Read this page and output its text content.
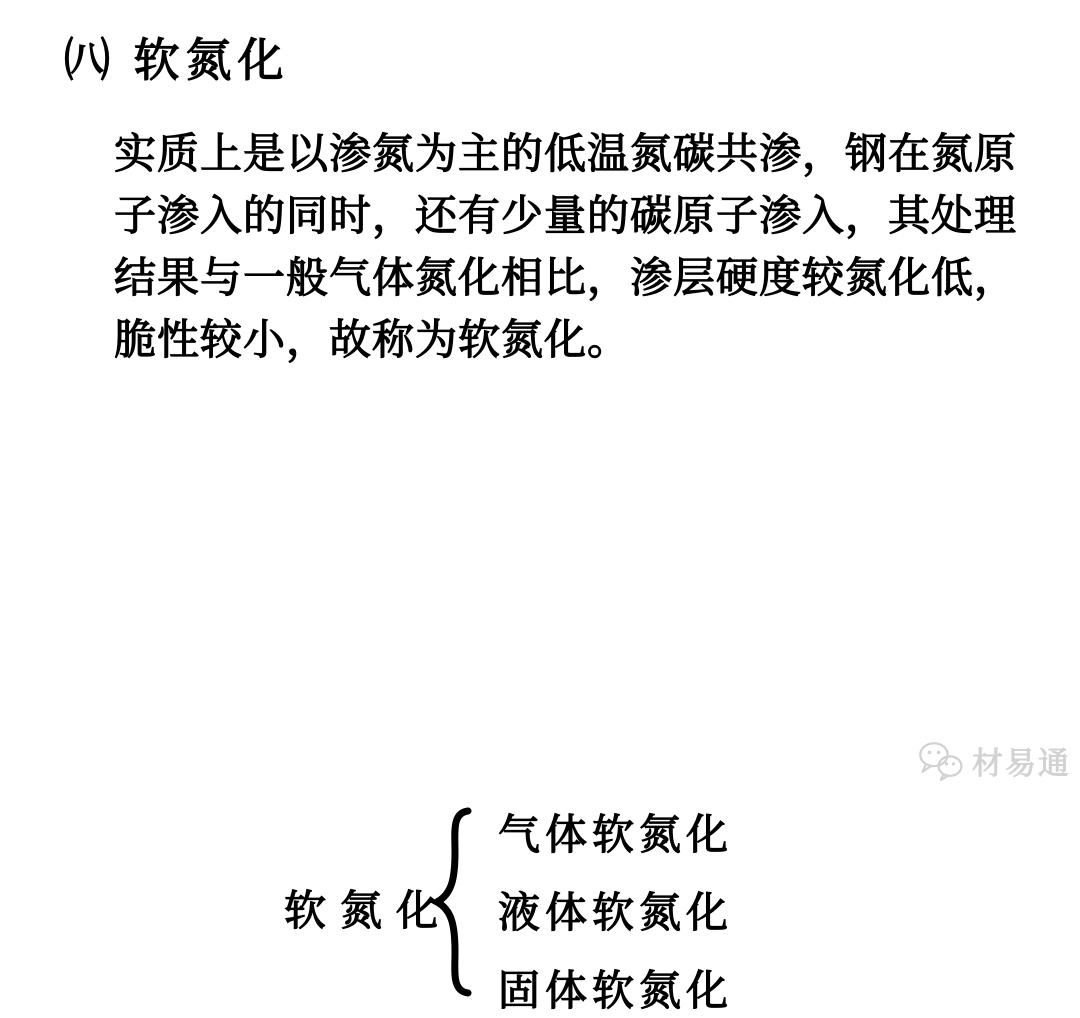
㈧ 软氮化
实质上是以渗氮为主的低温氮碳共渗，钢在氮原
子渗入的同时，还有少量的碳原子渗入，其处理
结果与一般气体氮化相比，渗层硬度较氮化低，
脆性较小，故称为软氮化。
软氮化
气体软氮化
液体软氮化
固体软氮化
材易通
